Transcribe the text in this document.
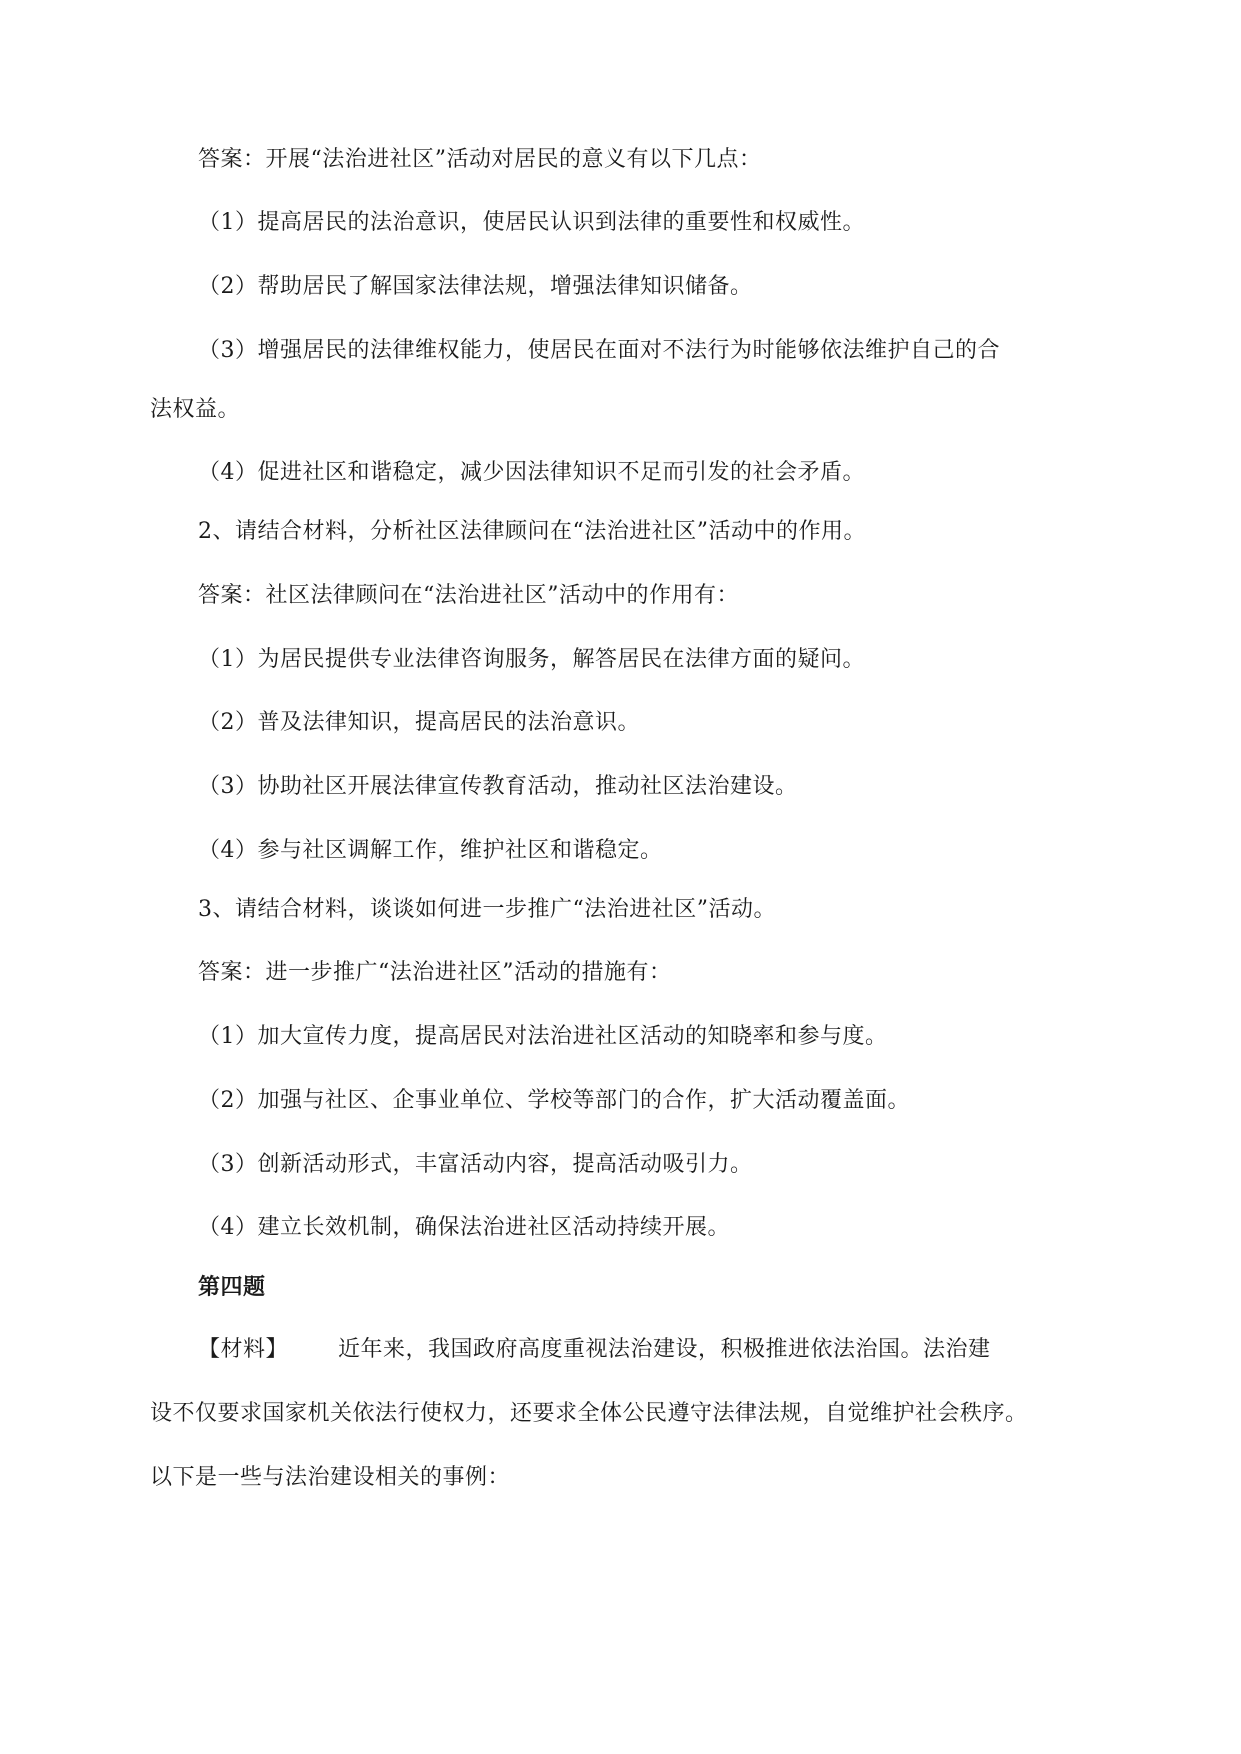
答案：开展“法治进社区”活动对居民的意义有以下几点：
（1）提高居民的法治意识，使居民认识到法律的重要性和权威性。
（2）帮助居民了解国家法律法规，增强法律知识储备。
（3）增强居民的法律维权能力，使居民在面对不法行为时能够依法维护自己的合
法权益。
（4）促进社区和谐稳定，减少因法律知识不足而引发的社会矛盾。
2、请结合材料，分析社区法律顾问在“法治进社区”活动中的作用。
答案：社区法律顾问在“法治进社区”活动中的作用有：
（1）为居民提供专业法律咨询服务，解答居民在法律方面的疑问。
（2）普及法律知识，提高居民的法治意识。
（3）协助社区开展法律宣传教育活动，推动社区法治建设。
（4）参与社区调解工作，维护社区和谐稳定。
3、请结合材料，谈谈如何进一步推广“法治进社区”活动。
答案：进一步推广“法治进社区”活动的措施有：
（1）加大宣传力度，提高居民对法治进社区活动的知晓率和参与度。
（2）加强与社区、企事业单位、学校等部门的合作，扩大活动覆盖面。
（3）创新活动形式，丰富活动内容，提高活动吸引力。
（4）建立长效机制，确保法治进社区活动持续开展。
第四题
【材料】 近年来，我国政府高度重视法治建设，积极推进依法治国。法治建
设不仅要求国家机关依法行使权力，还要求全体公民遵守法律法规，自觉维护社会秩序。
以下是一些与法治建设相关的事例：
